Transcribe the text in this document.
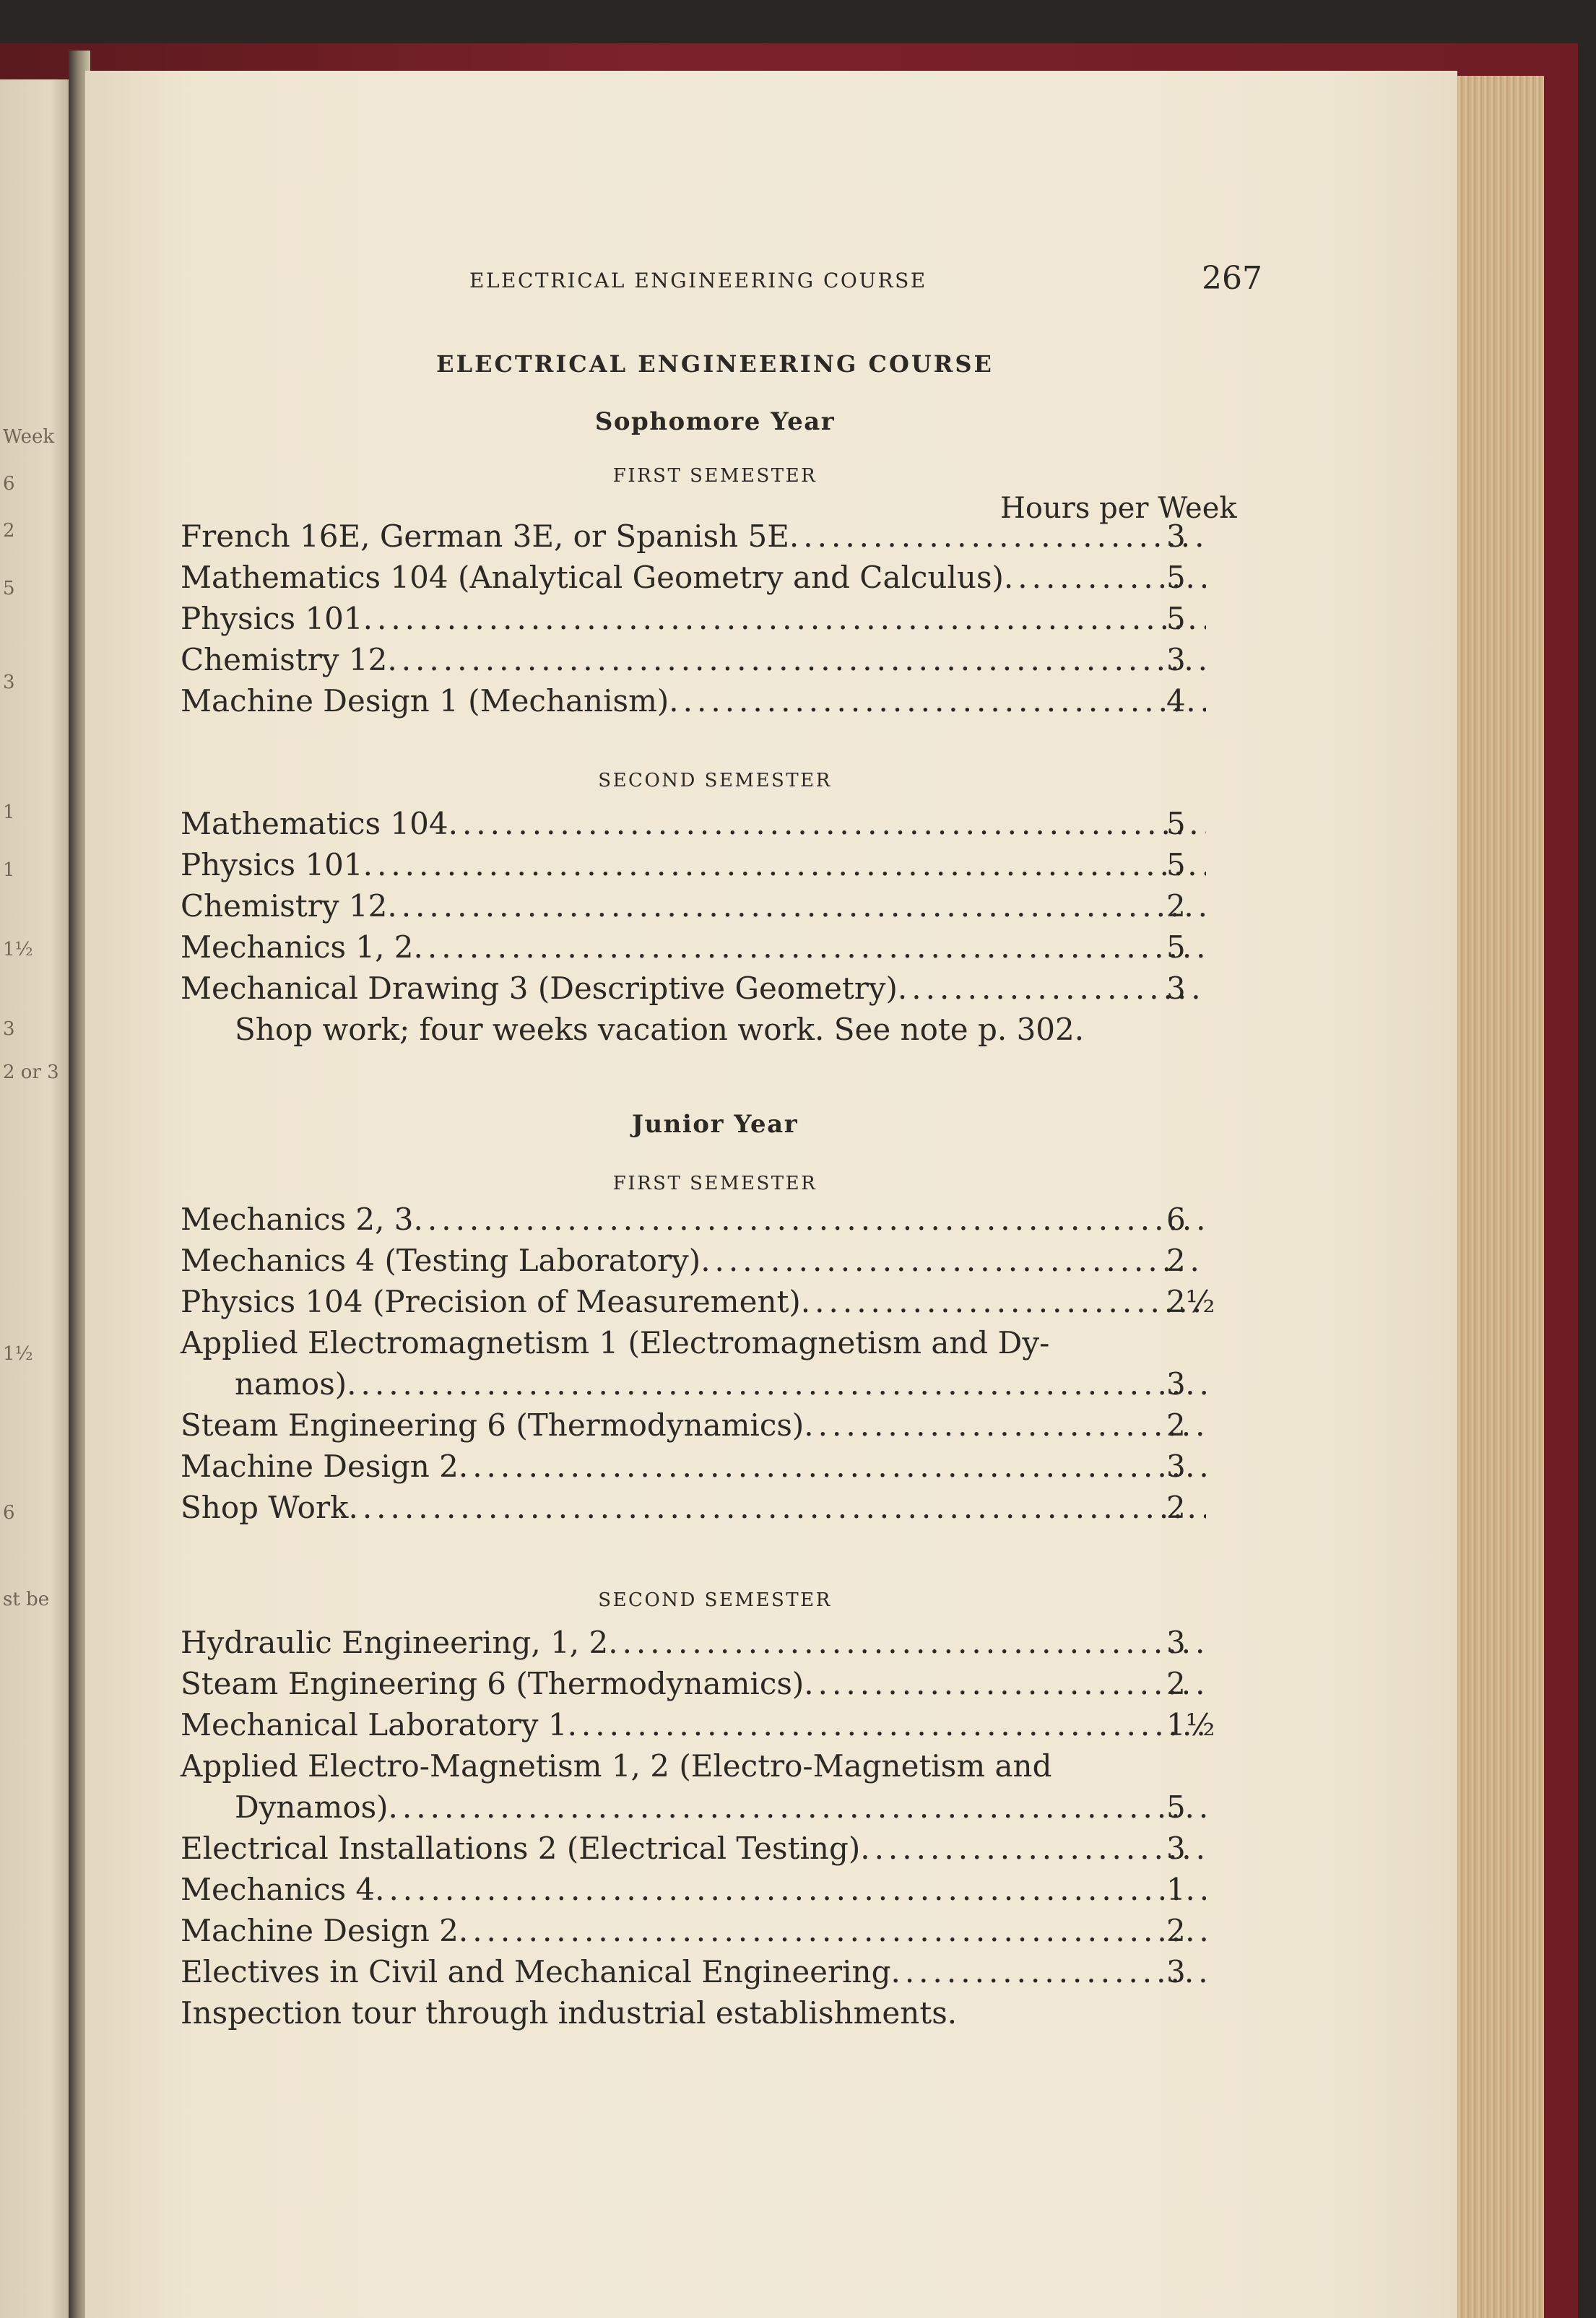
Week
6
2
5
3
1
1
1½
3
2 or 3
1½
6
st be
ELECTRICAL ENGINEERING COURSE	267
ELECTRICAL ENGINEERING COURSE
Sophomore Year
FIRST SEMESTER
Hours per Week
French 16E, German 3E, or Spanish 5E .....	3
Mathematics 104 (Analytical Geometry and Calculus) .....	5
Physics 101 .....	5
Chemistry 12 .....	3
Machine Design 1 (Mechanism) .....	4
SECOND SEMESTER
Mathematics 104 .....	5
Physics 101 .....	5
Chemistry 12 .....	2
Mechanics 1, 2 .....	5
Mechanical Drawing 3 (Descriptive Geometry) .....	3
Shop work; four weeks vacation work. See note p. 302.
Junior Year
FIRST SEMESTER
Mechanics 2, 3 .....	6
Mechanics 4 (Testing Laboratory) .....	2
Physics 104 (Precision of Measurement) .....	2½
Applied Electromagnetism 1 (Electromagnetism and Dy-
namos) .....	3
Steam Engineering 6 (Thermodynamics) .....	2
Machine Design 2 .....	3
Shop Work .....	2
SECOND SEMESTER
Hydraulic Engineering, 1, 2 .....	3
Steam Engineering 6 (Thermodynamics) .....	2
Mechanical Laboratory 1 .....	1½
Applied Electro-Magnetism 1, 2 (Electro-Magnetism and
Dynamos) .....	5
Electrical Installations 2 (Electrical Testing) .....	3
Mechanics 4 .....	1
Machine Design 2 .....	2
Electives in Civil and Mechanical Engineering .....	3
Inspection tour through industrial establishments.
